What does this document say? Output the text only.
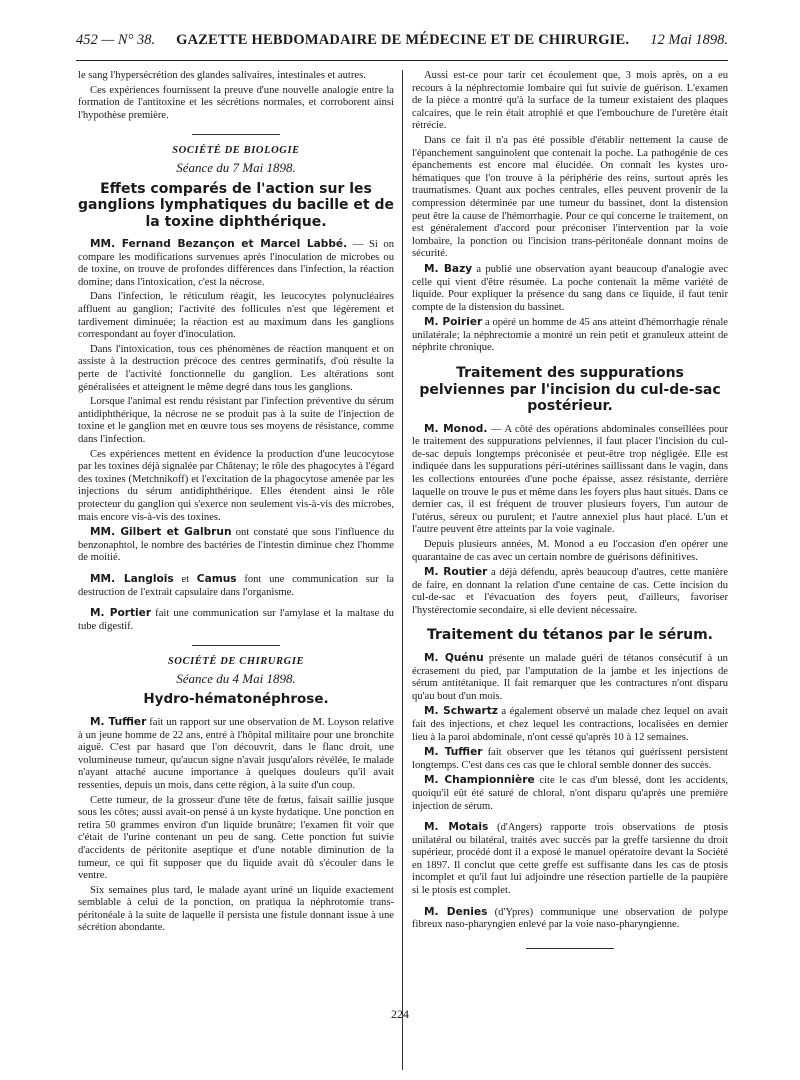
452 — N° 38. GAZETTE HEBDOMADAIRE DE MÉDECINE ET DE CHIRURGIE. 12 Mai 1898.

le sang l'hypersécrétion des glandes salivaires, intestinales et autres.

Ces expériences fournissent la preuve d'une nouvelle analogie entre la formation de l'antitoxine et les sécrétions normales, et corroborent ainsi l'hypothèse première.

SOCIÉTÉ DE BIOLOGIE
Séance du 7 Mai 1898.
Effets comparés de l'action sur les ganglions lymphatiques du bacille et de la toxine diphthérique.

MM. Fernand Bezançon et Marcel Labbé. — Si on compare les modifications survenues après l'inoculation de microbes ou de toxine, on trouve de profondes différences dans l'infection, la réaction domine; dans l'intoxication, c'est la nécrose.

Dans l'infection, le réticulum réagit, les leucocytes polynucléaires affluent au ganglion; l'activité des follicules n'est que légèrement et tardivement diminuée; la réaction est au maximum dans les ganglions correspondant au foyer d'inoculation.

Dans l'intoxication, tous ces phénomènes de réaction manquent et on assiste à la destruction précoce des centres germinatifs, d'où résulte la perte de l'activité fonctionnelle du ganglion. Les altérations sont généralisées et atteignent le même degré dans tous les ganglions.

Lorsque l'animal est rendu résistant par l'infection préventive du sérum antidiphthérique, la nécrose ne se produit pas à la suite de l'injection de toxine et le ganglion met en œuvre tous ses moyens de résistance, comme dans l'infection.

Ces expériences mettent en évidence la production d'une leucocytose par les toxines déjà signalée par Châtenay; le rôle des phagocytes à l'égard des toxines (Metchnikoff) et l'excitation de la phagocytose amenée par les injections du sérum antidiphthérique. Elles étendent ainsi le rôle protecteur du ganglion qui s'exerce non seulement vis-à-vis des microbes, mais encore vis-à-vis des toxines.

MM. Gilbert et Galbrun ont constaté que sous l'influence du benzonaphtol, le nombre des bactéries de l'intestin diminue chez l'homme de moitié.

MM. Langlois et Camus font une communication sur la destruction de l'extrait capsulaire dans l'organisme.

M. Portier fait une communication sur l'amylase et la maltase du tube digestif.

SOCIÉTÉ DE CHIRURGIE
Séance du 4 Mai 1898.
Hydro-hématonéphrose.

M. Tuffier fait un rapport sur une observation de M. Loyson relative à un jeune homme de 22 ans, entré à l'hôpital militaire pour une bronchite aiguë. C'est par hasard que l'on découvrit, dans le flanc droit, une volumineuse tumeur, qu'aucun signe n'avait jusqu'alors révélée, le malade n'ayant attaché aucune importance à quelques douleurs qu'il avait ressenties, depuis un mois, dans cette région, à la suite d'un coup.

Cette tumeur, de la grosseur d'une tête de fœtus, faisait saillie jusque sous les côtes; aussi avait-on pensé à un kyste hydatique. Une ponction en retira 50 grammes environ d'un liquide brunâtre; l'examen fit voir que c'était de l'urine contenant un peu de sang. Cette ponction fut suivie d'accidents de péritonite aseptique et d'une notable diminution de la tumeur, ce qui fit supposer que du liquide avait dû s'écouler dans le ventre.

Six semaines plus tard, le malade ayant uriné un liquide exactement semblable à celui de la ponction, on pratiqua la néphrotomie trans-péritonéale à la suite de laquelle il persista une fistule donnant issue à une sécrétion abondante.

Aussi est-ce pour tarir cet écoulement que, 3 mois après, on a eu recours à la néphrectomie lombaire qui fut suivie de guérison. L'examen de la pièce a montré qu'à la surface de la tumeur existaient des plaques calcaires, que le rein était atrophié et que l'embouchure de l'uretère était rétrécie.

Dans ce fait il n'a pas été possible d'établir nettement la cause de l'épanchement sanguinolent que contenait la poche. La pathogénie de ces épanchements est encore mal élucidée. On connaît les kystes uro-hématiques que l'on trouve à la périphérie des reins, surtout après les traumatismes. Quant aux poches centrales, elles peuvent provenir de la compression déterminée par une tumeur du bassinet, dont la distension peut être la cause de l'hémorrhagie. Pour ce qui concerne le traitement, on est généralement d'accord pour préconiser l'intervention par la voie lombaire, la ponction ou l'incision trans-péritonéale donnant moins de sécurité.

M. Bazy a publié une observation ayant beaucoup d'analogie avec celle qui vient d'être résumée. La poche contenait la même variété de liquide. Pour expliquer la présence du sang dans ce liquide, il faut tenir compte de la distension du bassinet.

M. Poirier a opéré un homme de 45 ans atteint d'hémorrhagie rénale unilatérale; la néphrectomie a montré un rein petit et granuleux atteint de néphrite chronique.

Traitement des suppurations pelviennes par l'incision du cul-de-sac postérieur.

M. Monod. — A côté des opérations abdominales conseillées pour le traitement des suppurations pelviennes, il faut placer l'incision du cul-de-sac depuis longtemps préconisée et peut-être trop négligée. Elle est indiquée dans les suppurations péri-utérines saillissant dans le vagin, dans les collections entourées d'une poche épaisse, assez résistante, derrière laquelle on trouve le pus et même dans les foyers plus haut situés. Dans ce dernier cas, il est fréquent de trouver plusieurs foyers, l'un autour de l'utérus, séreux ou purulent; et l'autre annexiel plus haut placé. L'un et l'autre peuvent être atteints par la voie vaginale.

Depuis plusieurs années, M. Monod a eu l'occasion d'en opérer une quarantaine de cas avec un certain nombre de guérisons définitives.

M. Routier a déjà défendu, après beaucoup d'autres, cette manière de faire, en donnant la relation d'une centaine de cas. Cette incision du cul-de-sac et l'évacuation des foyers peut, d'ailleurs, favoriser l'hystérectomie secondaire, si elle devient nécessaire.

Traitement du tétanos par le sérum.

M. Quénu présente un malade guéri de tétanos consécutif à un écrasement du pied, par l'amputation de la jambe et les injections de sérum antitétanique. Il fait remarquer que les contractures n'ont disparu qu'au bout d'un mois.

M. Schwartz a également observé un malade chez lequel on avait fait des injections, et chez lequel les contractions, localisées en dernier lieu à la paroi abdominale, n'ont cessé qu'après 10 à 12 semaines.

M. Tuffier fait observer que les tétanos qui guérissent persistent longtemps. C'est dans ces cas que le chloral semble donner des succès.

M. Championnière cite le cas d'un blessé, dont les accidents, quoiqu'il eût été saturé de chloral, n'ont disparu qu'après une première injection de sérum.

M. Motais (d'Angers) rapporte trois observations de ptosis unilatéral ou bilatéral, traités avec succès par la greffe tarsienne du droit supérieur, procédé dont il a exposé le manuel opératoire devant la Société en 1897. Il conclut que cette greffe est suffisante dans les cas de ptosis incomplet et qu'il faut lui adjoindre une résection partielle de la paupière si le ptosis est complet.

M. Denies (d'Ypres) communique une observation de polype fibreux naso-pharyngien enlevé par la voie naso-pharyngienne.

224
